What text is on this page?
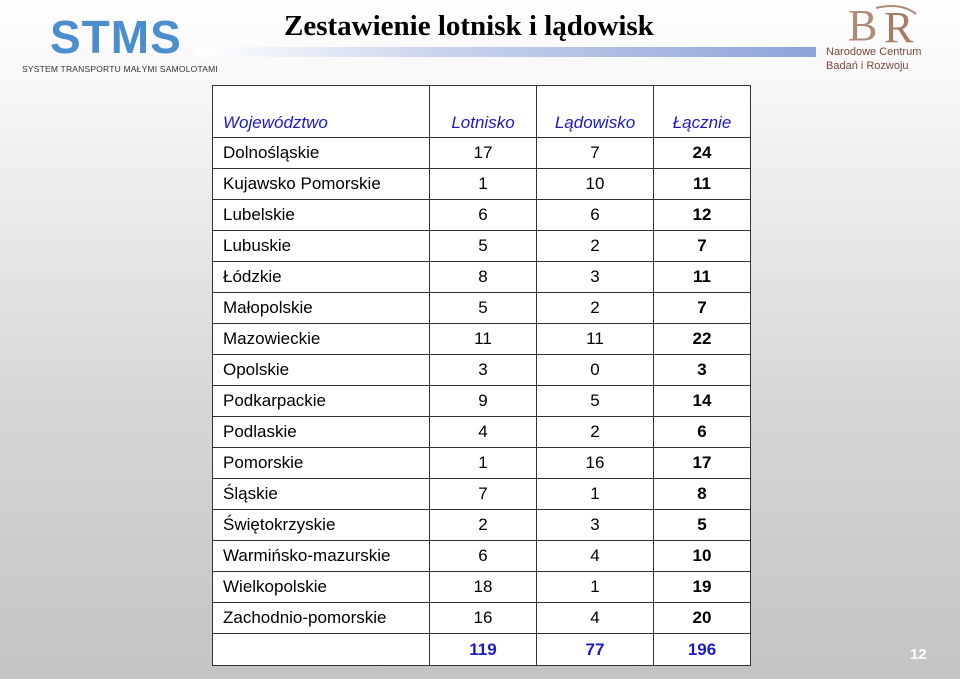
STMS
SYSTEM TRANSPORTU MAŁYMI SAMOLOTAMI
Zestawienie lotnisk i lądowisk	B R
Narodowe Centrum
Badań i Rozwoju
Województwo	Lotnisko	Lądowisko	Łącznie
Dolnośląskie	17	7	24
Kujawsko Pomorskie	1	10	11
Lubelskie	6	6	12
Lubuskie	5	2	7
Łódzkie	8	3	11
Małopolskie	5	2	7
Mazowieckie	11	11	22
Opolskie	3	0	3
Podkarpackie	9	5	14
Podlaskie	4	2	6
Pomorskie	1	16	17
Śląskie	7	1	8
Świętokrzyskie	2	3	5
Warmińsko-mazurskie	6	4	10
Wielkopolskie	18	1	19
Zachodnio-pomorskie	16	4	20
	119	77	196	12
